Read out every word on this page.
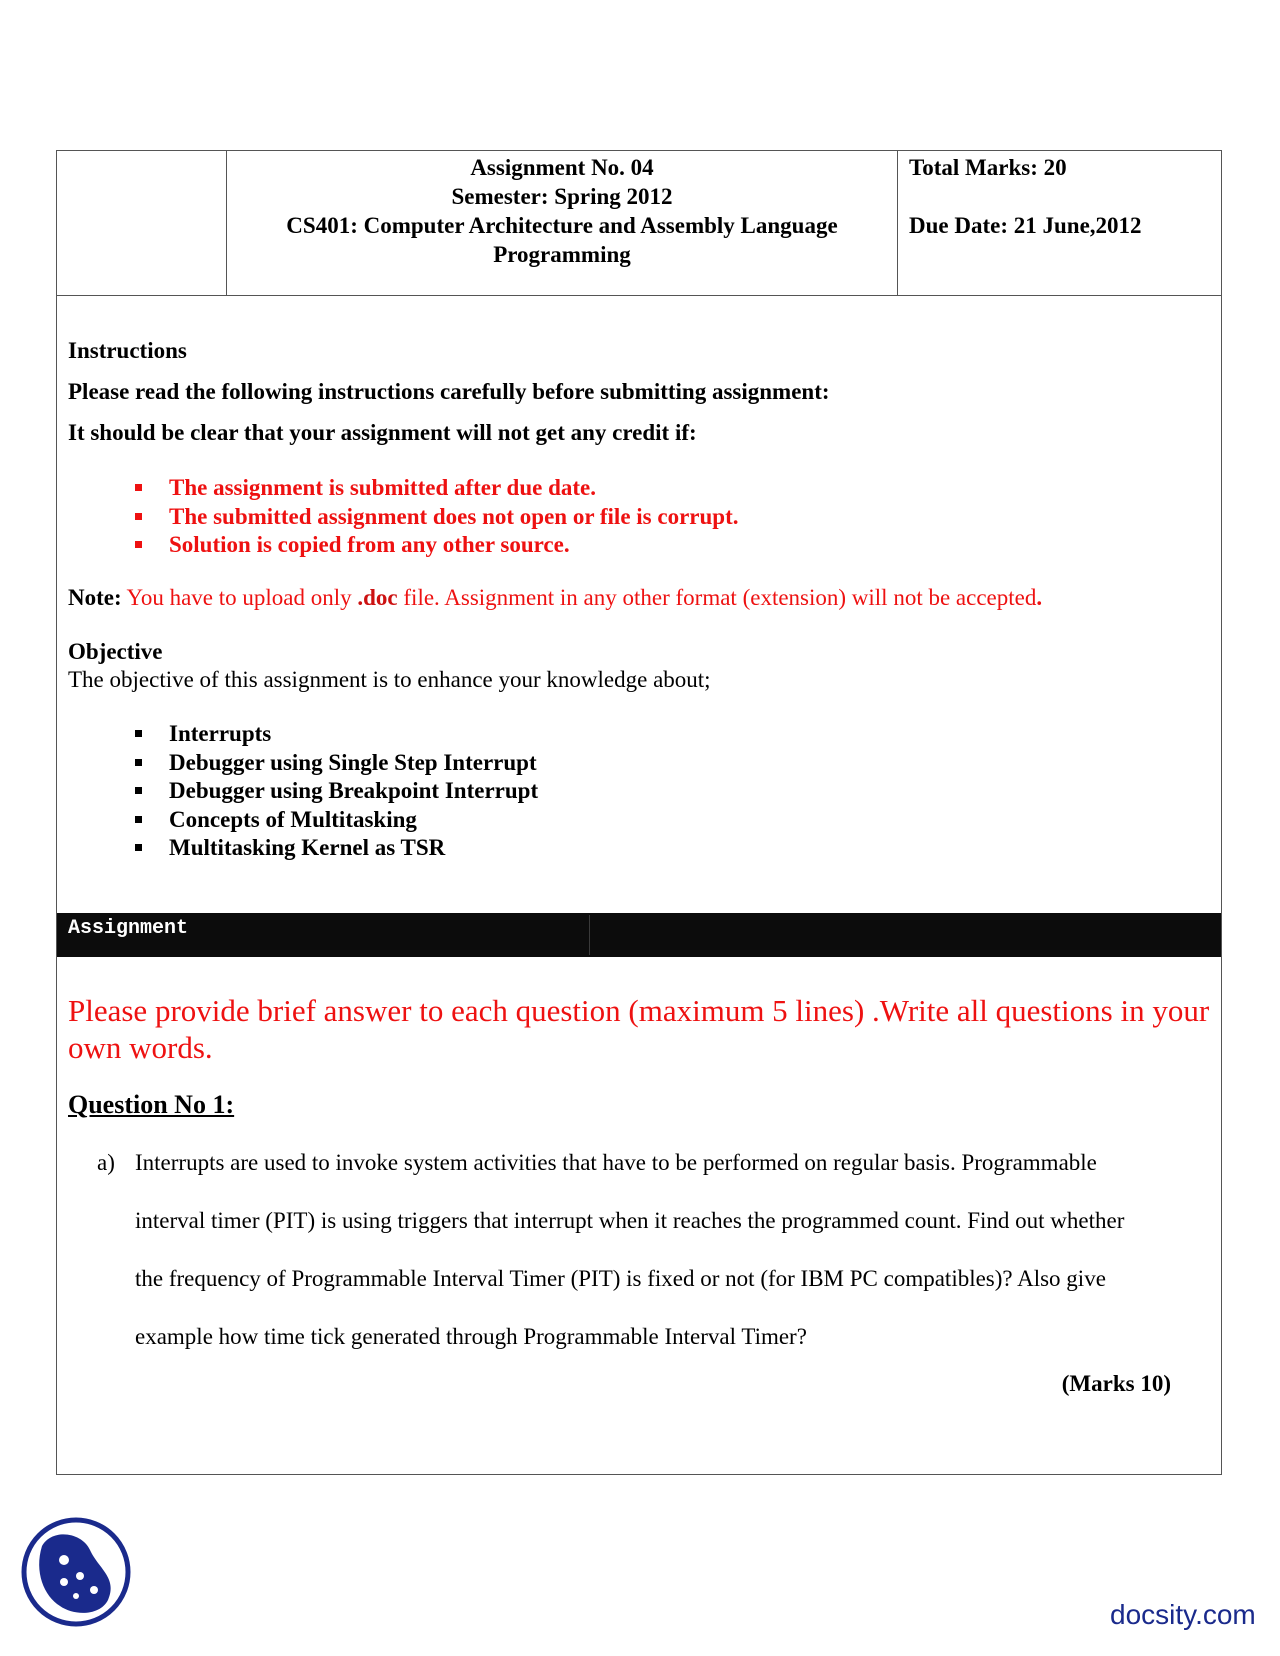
Assignment No. 04
Semester: Spring 2012
CS401: Computer Architecture and Assembly Language
Programming

Total Marks: 20
Due Date: 21 June,2012
Instructions
Please read the following instructions carefully before submitting assignment:
It should be clear that your assignment will not get any credit if:
The assignment is submitted after due date.
The submitted assignment does not open or file is corrupt.
Solution is copied from any other source.
Note: You have to upload only .doc file. Assignment in any other format (extension) will not be accepted.
Objective
The objective of this assignment is to enhance your knowledge about;
Interrupts
Debugger using Single Step Interrupt
Debugger using Breakpoint Interrupt
Concepts of Multitasking
Multitasking Kernel as TSR
Assignment
Please provide brief answer to each question (maximum 5 lines) .Write all questions in your own words.
Question No 1:
a) Interrupts are used to invoke system activities that have to be performed on regular basis. Programmable interval timer (PIT) is using triggers that interrupt when it reaches the programmed count. Find out whether the frequency of Programmable Interval Timer (PIT) is fixed or not (for IBM PC compatibles)? Also give example how time tick generated through Programmable Interval Timer?
(Marks 10)
docsity.com
